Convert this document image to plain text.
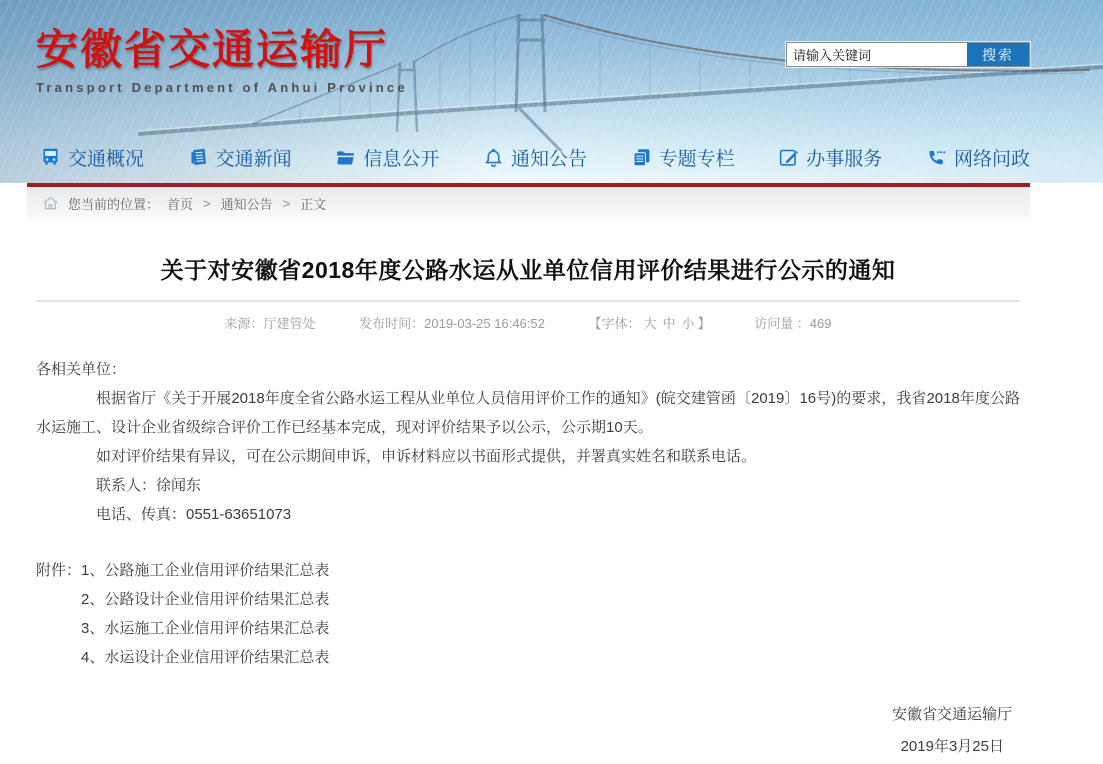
安徽省交通运输厅
Transport Department of Anhui Province
请输入关键词
搜索
交通概况	交通新闻	信息公开	通知公告	专题专栏	办事服务	网络问政
您当前的位置： 首页 > 通知公告 > 正文
关于对安徽省2018年度公路水运从业单位信用评价结果进行公示的通知
来源：厅建管处	发布时间：2019-03-25 16:46:52	【字体： 大 中 小 】	访问量 ：469

各相关单位：

根据省厅《关于开展2018年度全省公路水运工程从业单位人员信用评价工作的通知》(皖交建管函〔2019〕16号)的要求，我省2018年度公路水运施工、设计企业省级综合评价工作已经基本完成，现对评价结果予以公示，公示期10天。

如对评价结果有异议，可在公示期间申诉，申诉材料应以书面形式提供，并署真实姓名和联系电话。

联系人：徐闻东

电话、传真：0551-63651073

附件： 1、公路施工企业信用评价结果汇总表
2、公路设计企业信用评价结果汇总表
3、水运施工企业信用评价结果汇总表
4、水运设计企业信用评价结果汇总表
安徽省交通运输厅
2019年3月25日
